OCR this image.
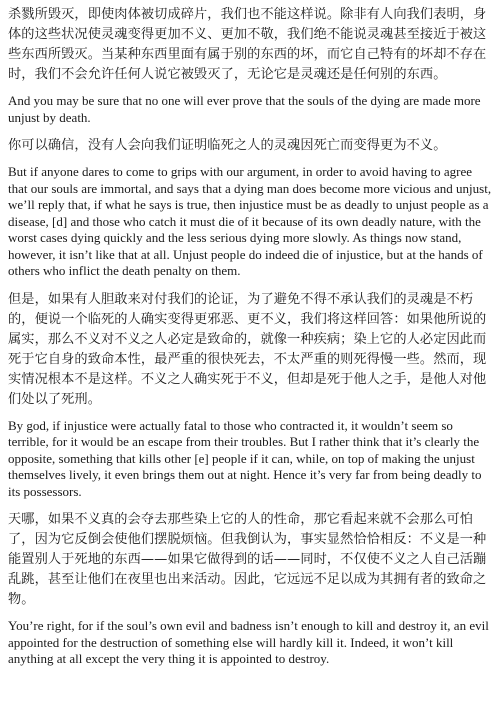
杀戮所毁灭，即使肉体被切成碎片，我们也不能这样说。除非有人向我们表明，身体的这些状况使灵魂变得更加不义、更加不敬，我们绝不能说灵魂甚至接近于被这些东西所毁灭。当某种东西里面有属于别的东西的坏，而它自己特有的坏却不存在时，我们不会允许任何人说它被毁灭了，无论它是灵魂还是任何别的东西。

And you may be sure that no one will ever prove that the souls of the dying are made more unjust by death.

你可以确信，没有人会向我们证明临死之人的灵魂因死亡而变得更为不义。

But if anyone dares to come to grips with our argument, in order to avoid having to agree that our souls are immortal, and says that a dying man does become more vicious and unjust, we’ll reply that, if what he says is true, then injustice must be as deadly to unjust people as a disease, [d] and those who catch it must die of it because of its own deadly nature, with the worst cases dying quickly and the less serious dying more slowly. As things now stand, however, it isn’t like that at all. Unjust people do indeed die of injustice, but at the hands of others who inflict the death penalty on them.

但是，如果有人胆敢来对付我们的论证，为了避免不得不承认我们的灵魂是不朽的，便说一个临死的人确实变得更邪恶、更不义，我们将这样回答：如果他所说的属实，那么不义对不义之人必定是致命的，就像一种疾病；染上它的人必定因此而死于它自身的致命本性，最严重的很快死去，不太严重的则死得慢一些。然而，现实情况根本不是这样。不义之人确实死于不义，但却是死于他人之手，是他人对他们处以了死刑。

By god, if injustice were actually fatal to those who contracted it, it wouldn’t seem so terrible, for it would be an escape from their troubles. But I rather think that it’s clearly the opposite, something that kills other [e] people if it can, while, on top of making the unjust themselves lively, it even brings them out at night. Hence it’s very far from being deadly to its possessors.

天哪，如果不义真的会夺去那些染上它的人的性命，那它看起来就不会那么可怕了，因为它反倒会使他们摆脱烦恼。但我倒认为，事实显然恰恰相反：不义是一种能置别人于死地的东西——如果它做得到的话——同时，不仅使不义之人自己活蹦乱跳，甚至让他们在夜里也出来活动。因此，它远远不足以成为其拥有者的致命之物。

You’re right, for if the soul’s own evil and badness isn’t enough to kill and destroy it, an evil appointed for the destruction of something else will hardly kill it. Indeed, it won’t kill anything at all except the very thing it is appointed to destroy.
